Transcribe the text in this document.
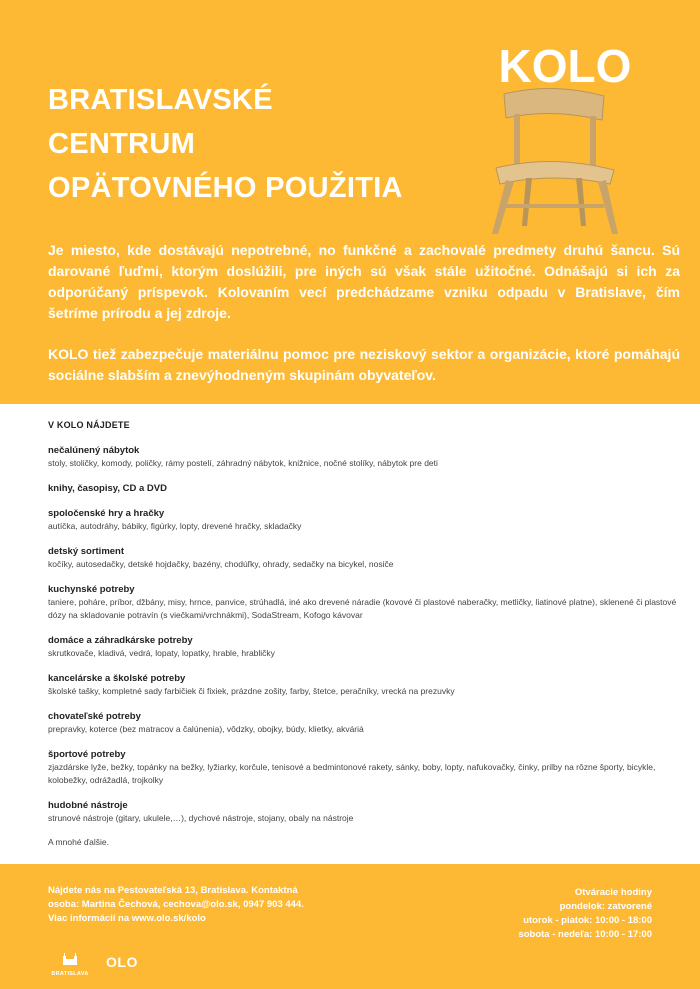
BRATISLAVSKÉ
CENTRUM
OPÄTOVNÉHO POUŽITIA
KOLO

Je miesto, kde dostávajú nepotrebné, no funkčné a zachovalé predmety druhú šancu. Sú darované ľuďmi, ktorým doslúžili, pre iných sú však stále užitočné. Odnášajú si ich za odporúčaný príspevok. Kolovaním vecí predchádzame vzniku odpadu v Bratislave, čím šetríme prírodu a jej zdroje.

KOLO tiež zabezpečuje materiálnu pomoc pre neziskový sektor a organizácie, ktoré pomáhajú sociálne slabším a znevýhodneným skupinám obyvateľov.

V KOLO NÁJDETE
nečalúnený nábytok
stoly, stoličky, komody, poličky, rámy postelí, záhradný nábytok, knižnice, nočné stolíky, nábytok pre deti
knihy, časopisy, CD a DVD
spoločenské hry a hračky
autíčka, autodráhy, bábiky, figúrky, lopty, drevené hračky, skladačky
detský sortiment
kočíky, autosedačky, detské hojdačky, bazény, chodúľky, ohrady, sedačky na bicykel, nosiče
kuchynské potreby
taniere, poháre, príbor, džbány, misy, hrnce, panvice, strúhadlá, iné ako drevené náradie (kovové či plastové naberačky, metličky, liatinové platne), sklenené či plastové dózy na skladovanie potravín (s viečkami/vrchnákmi), SodaStream, Kofogo kávovar
domáce a záhradkárske potreby
skrutkovače, kladivá, vedrá, lopaty, lopatky, hrable, hrabličky
kancelárske a školské potreby
školské tašky, kompletné sady farbičiek či fixiek, prázdne zošity, farby, štetce, peračníky, vrecká na prezuvky
chovateľské potreby
prepravky, koterce (bez matracov a čalúnenia), vôdzky, obojky, búdy, klietky, akváriá
športové potreby
zjazdárske lyže, bežky, topánky na bežky, lyžiarky, korčule, tenisové a bedmintonové rakety, sánky, boby, lopty, nafukovačky, činky, prilby na rôzne športy, bicykle, kolobežky, odrážadlá, trojkolky
hudobné nástroje
strunové nástroje (gitary, ukulele,…), dychové nástroje, stojany, obaly na nástroje
A mnohé ďalšie.
Nájdete nás na Pestovateľská 13, Bratislava. Kontaktná
osoba: Martina Čechová, cechova@olo.sk, 0947 903 444.
Viac informácií na www.olo.sk/kolo
Otváracie hodiny
pondelok: zatvorené
utorok - piatok: 10:00 - 18:00
sobota - nedeľa: 10:00 - 17:00
BRATISLAVA
OLO
